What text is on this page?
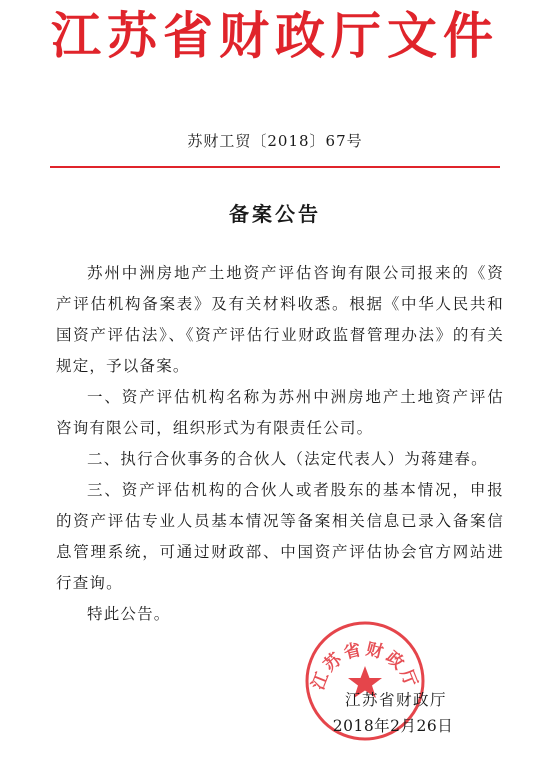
江苏省财政厅文件
苏财工贸〔2018〕67号
备案公告

苏州中洲房地产土地资产评估咨询有限公司报来的《资产评估机构备案表》及有关材料收悉。根据《中华人民共和国资产评估法》、《资产评估行业财政监督管理办法》的有关规定，予以备案。

一、资产评估机构名称为苏州中洲房地产土地资产评估咨询有限公司，组织形式为有限责任公司。

二、执行合伙事务的合伙人（法定代表人）为蒋建春。

三、资产评估机构的合伙人或者股东的基本情况，申报的资产评估专业人员基本情况等备案相关信息已录入备案信息管理系统，可通过财政部、中国资产评估协会官方网站进行查询。

特此公告。

江苏省财政厅
江苏省财政厅
2018年2月26日
